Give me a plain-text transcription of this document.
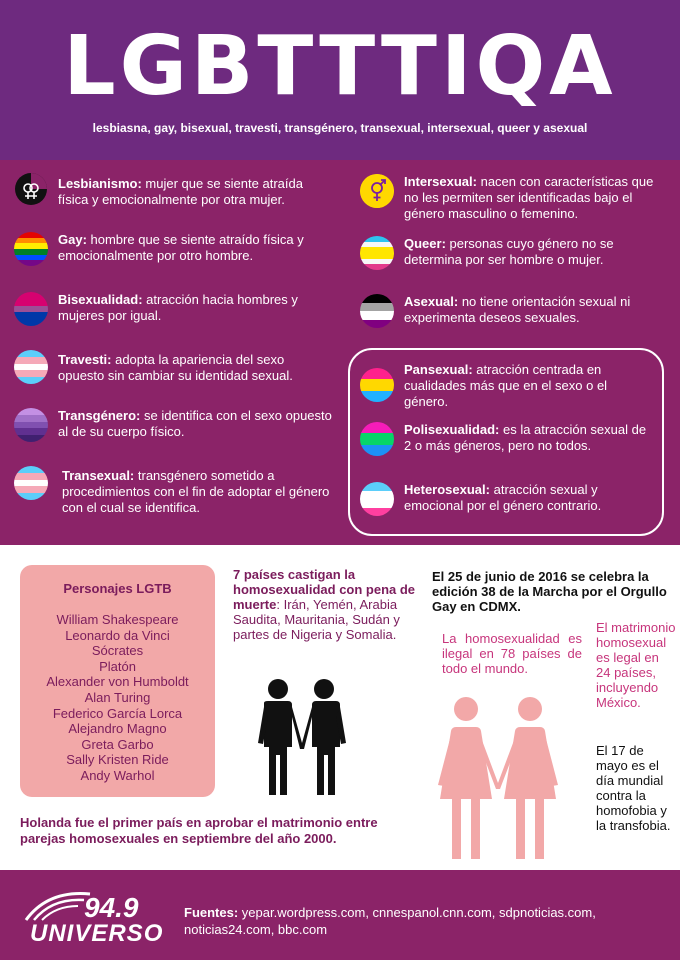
LGBTTTIQA
lesbiasna, gay, bisexual, travesti, transgénero, transexual, intersexual, queer y asexual
Lesbianismo: mujer que se siente atraída física y emocionalmente por otra mujer.
Gay: hombre que se siente atraído física y emocionalmente por otro hombre.
Bisexualidad: atracción hacia hombres y mujeres por igual.
Travesti: adopta la apariencia del sexo opuesto sin cambiar su identidad sexual.
Transgénero: se identifica con el sexo opuesto al de su cuerpo físico.
Transexual: transgénero sometido a procedimientos con el fin de adoptar el género con el cual se identifica.
Intersexual: nacen con características que no les permiten ser identificadas bajo el género masculino o femenino.
Queer: personas cuyo género no se determina por ser hombre o mujer.
Asexual: no tiene orientación sexual ni experimenta deseos sexuales.
Pansexual: atracción centrada en cualidades más que en el sexo o el género.
Polisexualidad: es la atracción sexual de 2 o más géneros, pero no todos.
Heterosexual: atracción sexual y emocional por el género contrario.
Personajes LGTB
William Shakespeare
Leonardo da Vinci
Sócrates
Platón
Alexander von Humboldt
Alan Turing
Federico García Lorca
Alejandro Magno
Greta Garbo
Sally Kristen Ride
Andy Warhol
7 países castigan la homosexualidad con pena de muerte: Irán, Yemén, Arabia Saudita, Mauritania, Sudán y partes de Nigeria y Somalia.
El 25 de junio de 2016 se celebra la edición 38 de la Marcha por el Orgullo Gay en CDMX.
La homosexualidad es ilegal en 78 países de todo el mundo.
El matrimonio homosexual es legal en 24 países, incluyendo México.
El 17 de mayo es el día mundial contra la homofobia y la transfobia.
Holanda fue el primer país en aprobar el matrimonio entre parejas homosexuales en septiembre del año 2000.
94.9
UNIVERSO
Fuentes: yepar.wordpress.com, cnnespanol.cnn.com, sdpnoticias.com, noticias24.com, bbc.com
